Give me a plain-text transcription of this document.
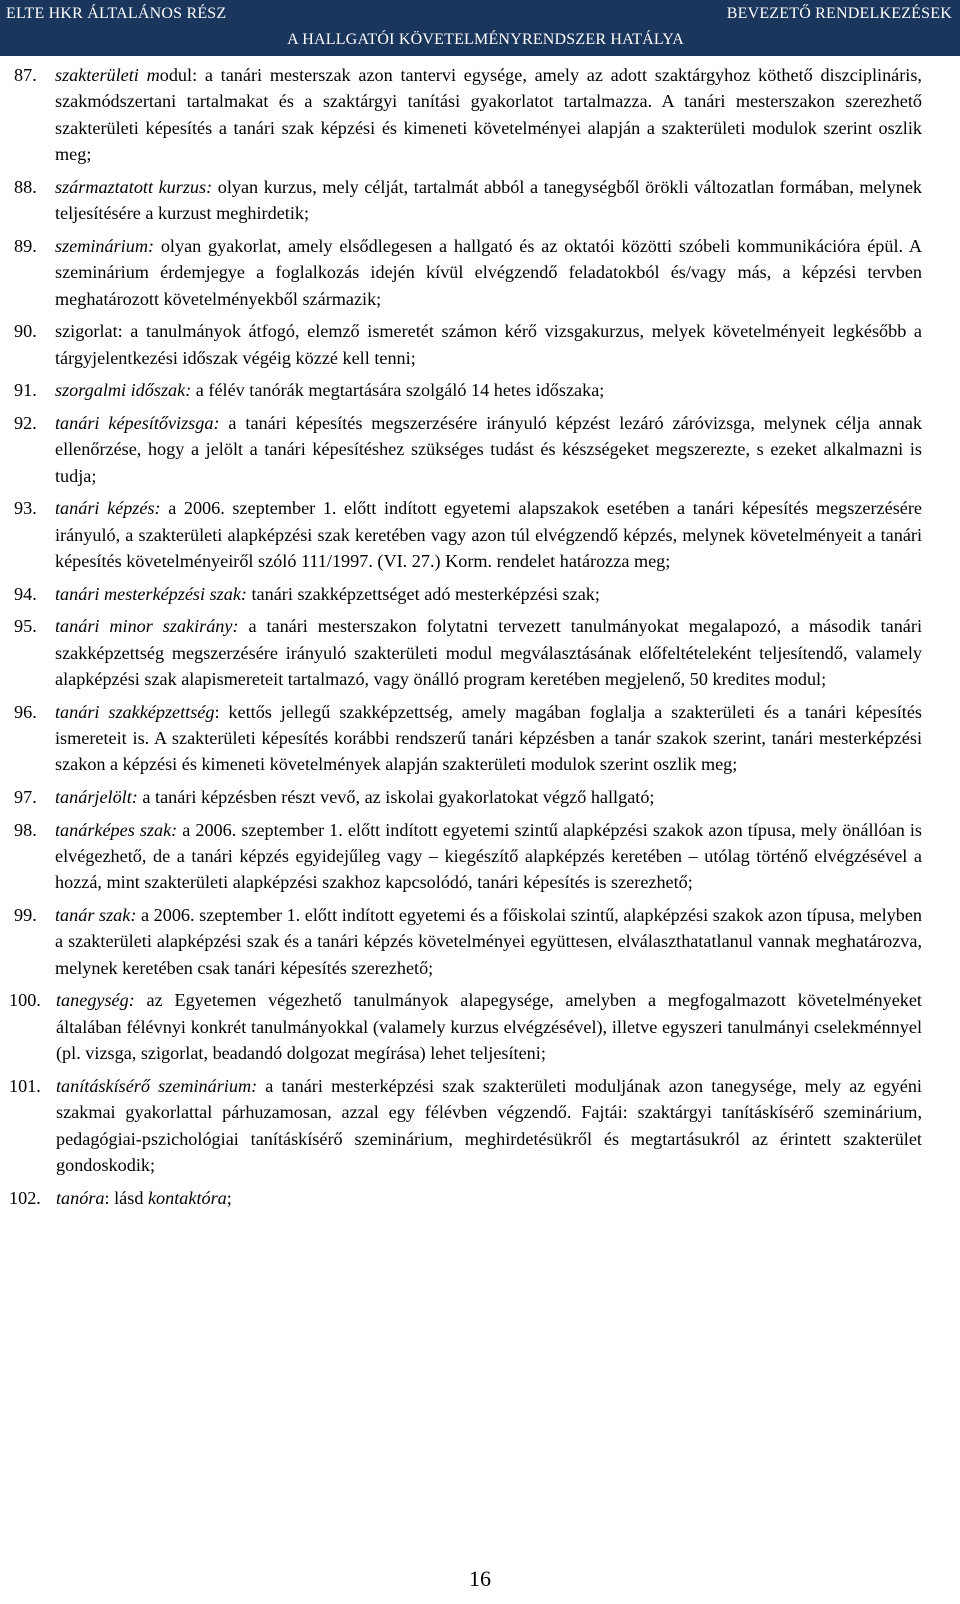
ELTE HKR ÁLTALÁNOS RÉSZ	BEVEZETŐ RENDELKEZÉSEK
A HALLGATÓI KÖVETELMÉNYRENDSZER HATÁLYA
87.	szakterületi modul: a tanári mesterszak azon tantervi egysége, amely az adott szaktárgyhoz köthető diszciplináris, szakmódszertani tartalmakat és a szaktárgyi tanítási gyakorlatot tartalmazza. A tanári mesterszakon szerezhető szakterületi képesítés a tanári szak képzési és kimeneti követelményei alapján a szakterületi modulok szerint oszlik meg;
88.	származtatott kurzus: olyan kurzus, mely célját, tartalmát abból a tanegységből örökli változatlan formában, melynek teljesítésére a kurzust meghirdetik;
89.	szeminárium: olyan gyakorlat, amely elsődlegesen a hallgató és az oktatói közötti szóbeli kommunikációra épül. A szeminárium érdemjegye a foglalkozás idején kívül elvégzendő feladatokból és/vagy más, a képzési tervben meghatározott követelményekből származik;
90.	szigorlat: a tanulmányok átfogó, elemző ismeretét számon kérő vizsgakurzus, melyek követelményeit legkésőbb a tárgyjelentkezési időszak végéig közzé kell tenni;
91.	szorgalmi időszak: a félév tanórák megtartására szolgáló 14 hetes időszaka;
92.	tanári képesítővizsga: a tanári képesítés megszerzésére irányuló képzést lezáró záróvizsga, melynek célja annak ellenőrzése, hogy a jelölt a tanári képesítéshez szükséges tudást és készségeket megszerezte, s ezeket alkalmazni is tudja;
93.	tanári képzés: a 2006. szeptember 1. előtt indított egyetemi alapszakok esetében a tanári képesítés megszerzésére irányuló, a szakterületi alapképzési szak keretében vagy azon túl elvégzendő képzés, melynek követelményeit a tanári képesítés követelményeiről szóló 111/1997. (VI. 27.) Korm. rendelet határozza meg;
94.	tanári mesterképzési szak: tanári szakképzettséget adó mesterképzési szak;
95.	tanári minor szakirány: a tanári mesterszakon folytatni tervezett tanulmányokat megalapozó, a második tanári szakképzettség megszerzésére irányuló szakterületi modul megválasztásának előfeltételeként teljesítendő, valamely alapképzési szak alapismereteit tartalmazó, vagy önálló program keretében megjelenő, 50 kredites modul;
96.	tanári szakképzettség: kettős jellegű szakképzettség, amely magában foglalja a szakterületi és a tanári képesítés ismereteit is. A szakterületi képesítés korábbi rendszerű tanári képzésben a tanár szakok szerint, tanári mesterképzési szakon a képzési és kimeneti követelmények alapján szakterületi modulok szerint oszlik meg;
97.	tanárjelölt: a tanári képzésben részt vevő, az iskolai gyakorlatokat végző hallgató;
98.	tanárképes szak: a 2006. szeptember 1. előtt indított egyetemi szintű alapképzési szakok azon típusa, mely önállóan is elvégezhető, de a tanári képzés egyidejűleg vagy – kiegészítő alapképzés keretében – utólag történő elvégzésével a hozzá, mint szakterületi alapképzési szakhoz kapcsolódó, tanári képesítés is szerezhető;
99.	tanár szak: a 2006. szeptember 1. előtt indított egyetemi és a főiskolai szintű, alapképzési szakok azon típusa, melyben a szakterületi alapképzési szak és a tanári képzés követelményei együttesen, elválaszthatatlanul vannak meghatározva, melynek keretében csak tanári képesítés szerezhető;
100. tanegység: az Egyetemen végezhető tanulmányok alapegysége, amelyben a megfogalmazott követelményeket általában félévnyi konkrét tanulmányokkal (valamely kurzus elvégzésével), illetve egyszeri tanulmányi cselekménnyel (pl. vizsga, szigorlat, beadandó dolgozat megírása) lehet teljesíteni;
101. tanításkísérő szeminárium: a tanári mesterképzési szak szakterületi moduljának azon tanegysége, mely az egyéni szakmai gyakorlattal párhuzamosan, azzal egy félévben végzendő. Fajtái: szaktárgyi tanításkísérő szeminárium, pedagógiai-pszichológiai tanításkísérő szeminárium, meghirdetésükről és megtartásukról az érintett szakterület gondoskodik;
102. tanóra: lásd kontaktóra;
16
